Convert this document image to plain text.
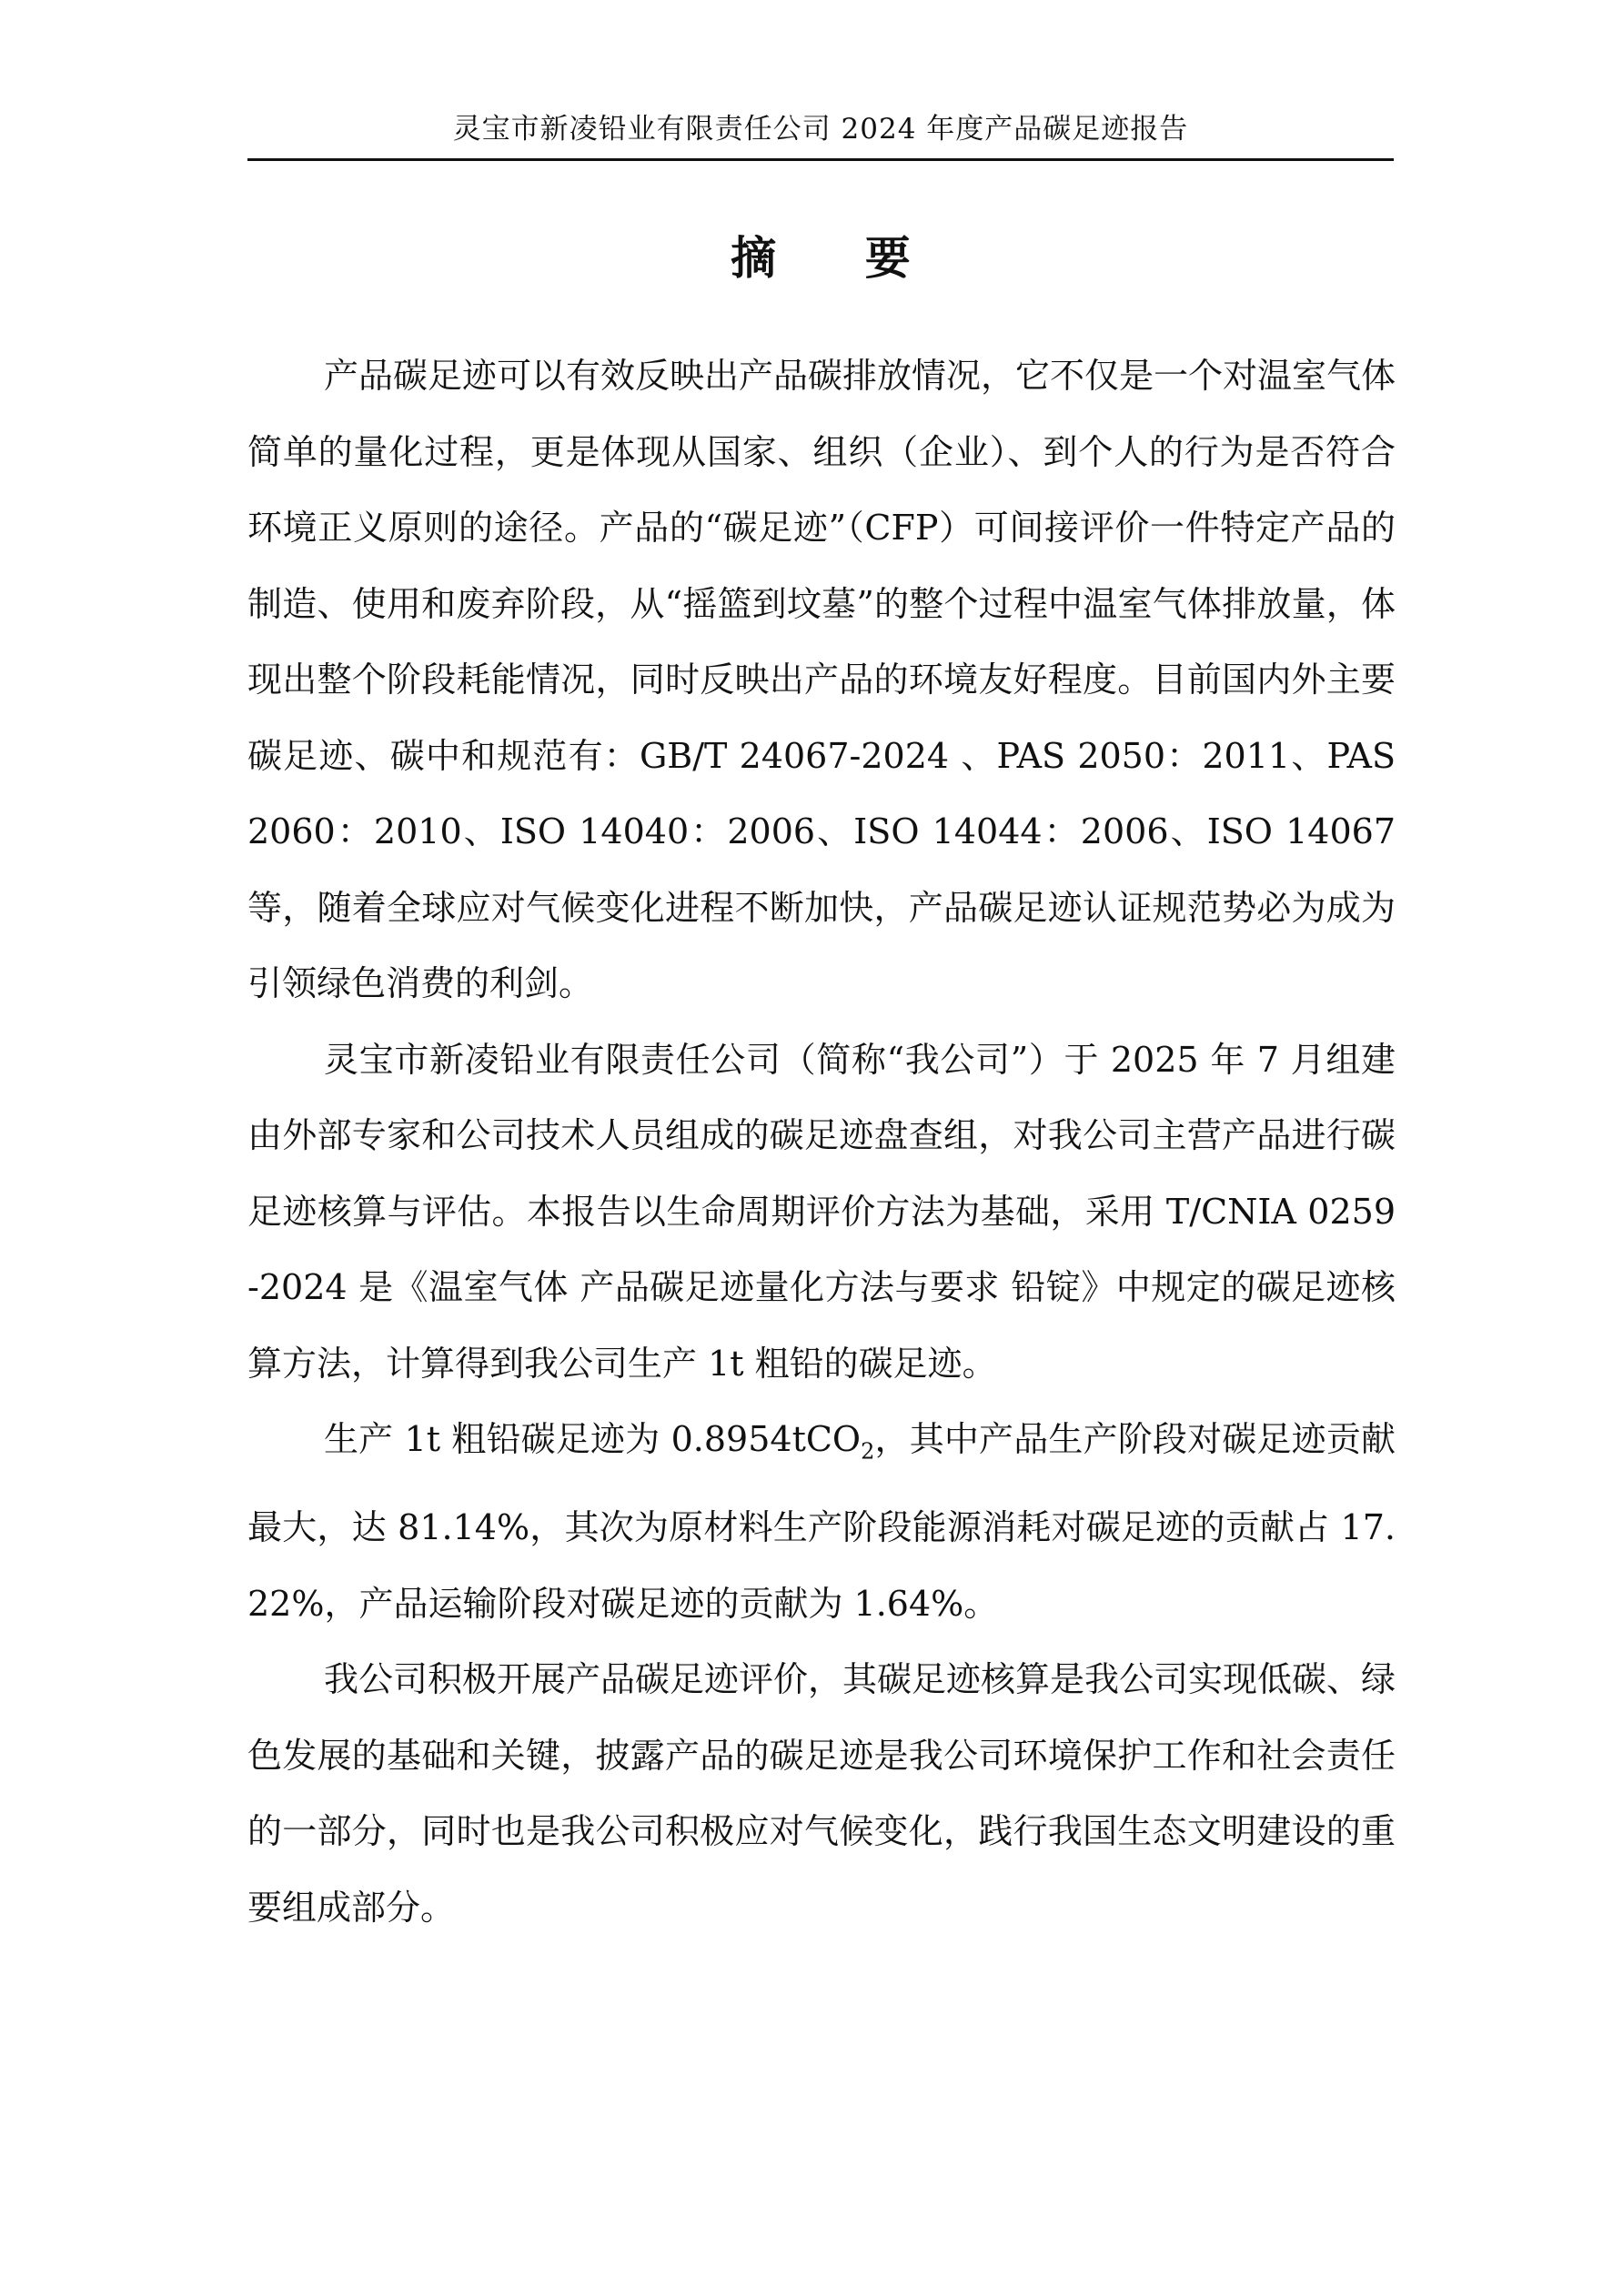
灵宝市新凌铅业有限责任公司 2024 年度产品碳足迹报告
摘 要

产品碳足迹可以有效反映出产品碳排放情况，它不仅是一个对温室气体简单的量化过程，更是体现从国家、组织（企业）、到个人的行为是否符合环境正义原则的途径。产品的“碳足迹”（CFP）可间接评价一件特定产品的制造、使用和废弃阶段，从“摇篮到坟墓”的整个过程中温室气体排放量，体现出整个阶段耗能情况，同时反映出产品的环境友好程度。目前国内外主要碳足迹、碳中和规范有：GB/T 24067-2024 、PAS 2050：2011、PAS 2060：2010、ISO 14040：2006、ISO 14044：2006、ISO 14067 等，随着全球应对气候变化进程不断加快，产品碳足迹认证规范势必为成为引领绿色消费的利剑。

灵宝市新凌铅业有限责任公司（简称“我公司”）于 2025 年 7 月组建由外部专家和公司技术人员组成的碳足迹盘查组，对我公司主营产品进行碳足迹核算与评估。本报告以生命周期评价方法为基础，采用 T/CNIA 0259-2024 是《温室气体 产品碳足迹量化方法与要求 铅锭》中规定的碳足迹核算方法，计算得到我公司生产 1t 粗铅的碳足迹。

生产 1t 粗铅碳足迹为 0.8954tCO$_2$，其中产品生产阶段对碳足迹贡献最大，达 81.14%，其次为原材料生产阶段能源消耗对碳足迹的贡献占 17.22%，产品运输阶段对碳足迹的贡献为 1.64%。

我公司积极开展产品碳足迹评价，其碳足迹核算是我公司实现低碳、绿色发展的基础和关键，披露产品的碳足迹是我公司环境保护工作和社会责任的一部分，同时也是我公司积极应对气候变化，践行我国生态文明建设的重要组成部分。
